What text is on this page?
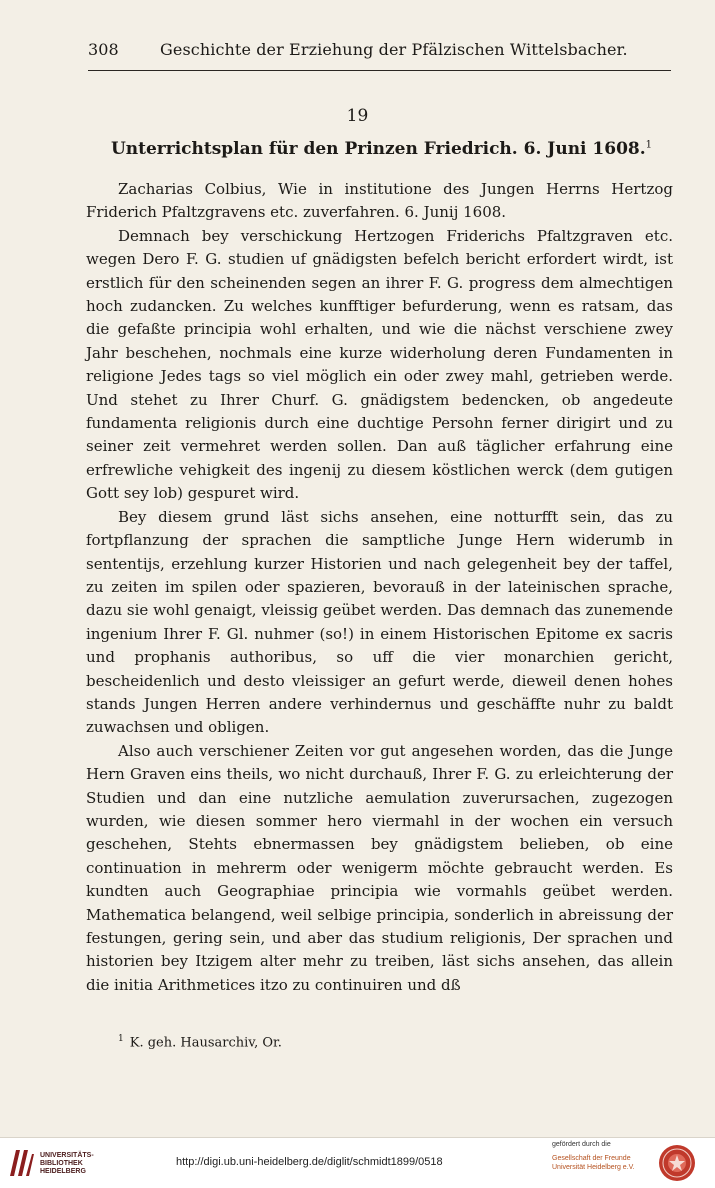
308	Geschichte der Erziehung der Pfälzischen Wittelsbacher.
19
Unterrichtsplan für den Prinzen Friedrich. 6. Juni 1608.$^1$

Zacharias Colbius, Wie in institutione des Jungen Herrns Hertzog Friderich Pfaltzgravens etc. zuverfahren. 6. Junij 1608.

Demnach bey verschickung Hertzogen Friderichs Pfaltzgraven etc. wegen Dero F. G. studien uf gnädigsten befelch bericht erfordert wirdt, ist erstlich für den scheinenden segen an ihrer F. G. progress dem almechtigen hoch zudancken. Zu welches kunfftiger befurderung, wenn es ratsam, das die gefaßte principia wohl erhalten, und wie die nächst verschiene zwey Jahr beschehen, nochmals eine kurze widerholung deren Fundamenten in religione Jedes tags so viel möglich ein oder zwey mahl, getrieben werde. Und stehet zu Ihrer Churf. G. gnädigstem bedencken, ob angedeute fundamenta religionis durch eine duchtige Persohn ferner dirigirt und zu seiner zeit vermehret werden sollen. Dan auß täglicher erfahrung eine erfrewliche vehigkeit des ingenij zu diesem köstlichen werck (dem gutigen Gott sey lob) gespuret wird.

Bey diesem grund läst sichs ansehen, eine notturfft sein, das zu fortpflanzung der sprachen die samptliche Junge Hern widerumb in sententijs, erzehlung kurzer Historien und nach gelegenheit bey der taffel, zu zeiten im spilen oder spazieren, bevorauß in der lateinischen sprache, dazu sie wohl genaigt, vleissig geübet werden. Das demnach das zunemende ingenium Ihrer F. Gl. nuhmer (so!) in einem Historischen Epitome ex sacris und prophanis authoribus, so uff die vier monarchien gericht, bescheidenlich und desto vleissiger an gefurt werde, dieweil denen hohes stands Jungen Herren andere verhindernus und geschäffte nuhr zu baldt zuwachsen und obligen.

Also auch verschiener Zeiten vor gut angesehen worden, das die Junge Hern Graven eins theils, wo nicht durchauß, Ihrer F. G. zu erleichterung der Studien und dan eine nutzliche aemulation zuverursachen, zugezogen wurden, wie diesen sommer hero viermahl in der wochen ein versuch geschehen, Stehts ebnermassen bey gnädigstem belieben, ob eine continuation in mehrerm oder wenigerm möchte gebraucht werden. Es kundten auch Geographiae principia wie vormahls geübet werden. Mathematica belangend, weil selbige principia, sonderlich in abreissung der festungen, gering sein, und aber das studium religionis, Der sprachen und historien bey Itzigem alter mehr zu treiben, läst sichs ansehen, das allein die initia Arithmetices itzo zu continuiren und dß

$^1$ K. geh. Hausarchiv, Or.
UNIVERSITÄTS-
BIBLIOTHEK
HEIDELBERG
http://digi.ub.uni-heidelberg.de/diglit/schmidt1899/0518
gefördert durch die
Gesellschaft der Freunde
Universität Heidelberg e.V.
